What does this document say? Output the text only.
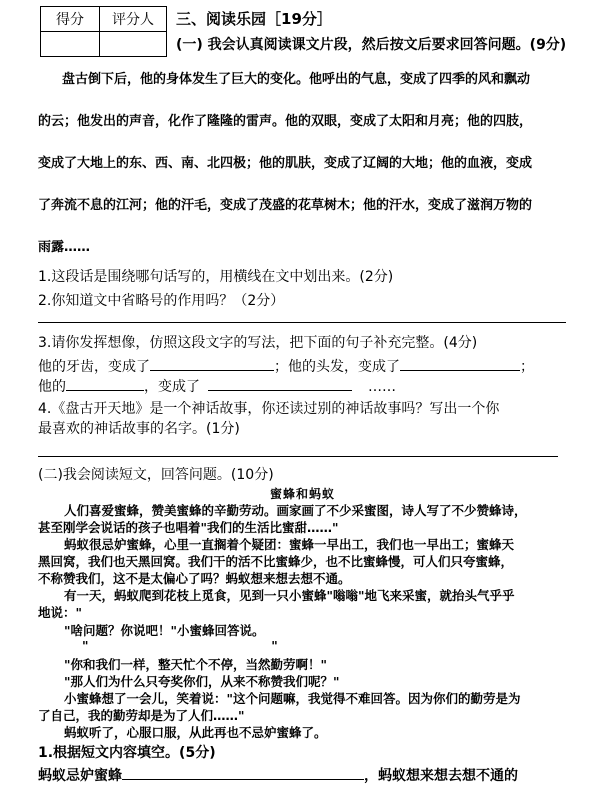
得分	评分人
	三、阅读乐园［19分］
(一) 我会认真阅读课文片段，然后按文后要求回答问题。(9分)
盘古倒下后，他的身体发生了巨大的变化。他呼出的气息，变成了四季的风和飘动
的云；他发出的声音，化作了隆隆的雷声。他的双眼，变成了太阳和月亮；他的四肢，
变成了大地上的东、西、南、北四极；他的肌肤，变成了辽阔的大地；他的血液，变成
了奔流不息的江河；他的汗毛，变成了茂盛的花草树木；他的汗水，变成了滋润万物的
雨露……
1.这段话是围绕哪句话写的，用横线在文中划出来。(2分)
2.你知道文中省略号的作用吗？（2分）
3.请你发挥想像，仿照这段文字的写法，把下面的句子补充完整。(4分)
他的牙齿，变成了	；他的头发，变成了	；
他的	，变成了	……
4.《盘古开天地》是一个神话故事，你还读过别的神话故事吗？写出一个你
最喜欢的神话故事的名字。(1分)
(二)我会阅读短文，回答问题。(10分)
蜜蜂和蚂蚁
人们喜爱蜜蜂，赞美蜜蜂的辛勤劳动。画家画了不少采蜜图，诗人写了不少赞蜂诗，
甚至刚学会说话的孩子也唱着"我们的生活比蜜甜……"
蚂蚁很忌妒蜜蜂，心里一直搁着个疑团：蜜蜂一早出工，我们也一早出工；蜜蜂天
黑回窝，我们也天黑回窝。我们干的活不比蜜蜂少，也不比蜜蜂慢，可人们只夸蜜蜂，
不称赞我们，这不是太偏心了吗？蚂蚁想来想去想不通。
有一天，蚂蚁爬到花枝上觅食，见到一只小蜜蜂"嗡嗡"地飞来采蜜，就抬头气乎乎
地说："
"啥问题？你说吧！"小蜜蜂回答说。
"                                          "
"你和我们一样，整天忙个不停，当然勤劳啊！"
"那人们为什么只夸奖你们，从来不称赞我们呢？"
小蜜蜂想了一会儿，笑着说："这个问题嘛，我觉得不难回答。因为你们的勤劳是为
了自己，我的勤劳却是为了人们……"
蚂蚁听了，心服口服，从此再也不忌妒蜜蜂了。
1.根据短文内容填空。(5分)
蚂蚁忌妒蜜蜂	，蚂蚁想来想去想不通的
